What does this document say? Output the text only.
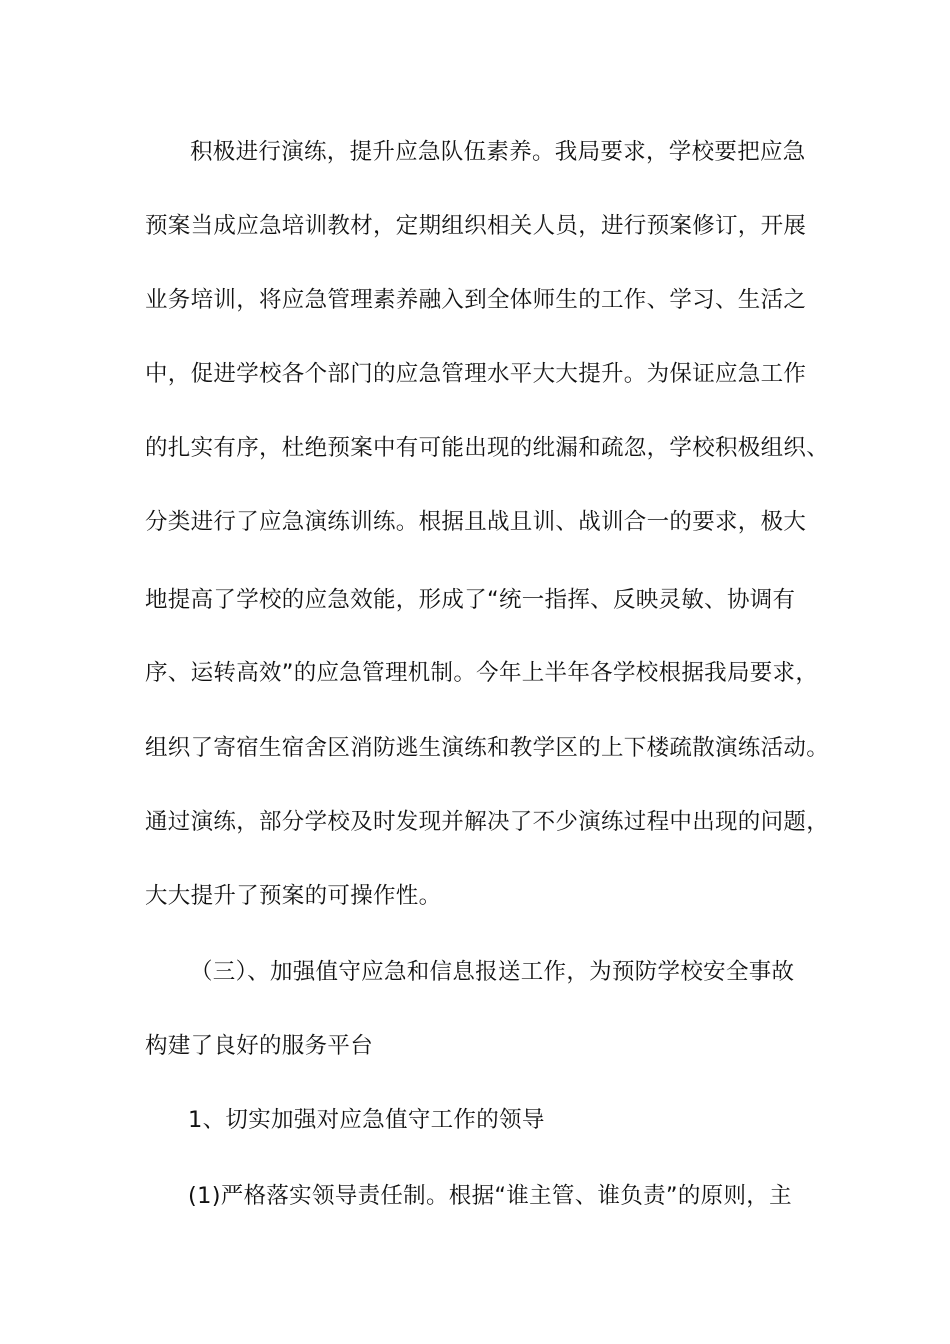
积极进行演练，提升应急队伍素养。我局要求，学校要把应急
预案当成应急培训教材，定期组织相关人员，进行预案修订，开展
业务培训，将应急管理素养融入到全体师生的工作、学习、生活之
中，促进学校各个部门的应急管理水平大大提升。为保证应急工作
的扎实有序，杜绝预案中有可能出现的纰漏和疏忽，学校积极组织、
分类进行了应急演练训练。根据且战且训、战训合一的要求，极大
地提高了学校的应急效能，形成了“统一指挥、反映灵敏、协调有
序、运转高效”的应急管理机制。今年上半年各学校根据我局要求，
组织了寄宿生宿舍区消防逃生演练和教学区的上下楼疏散演练活动。
通过演练，部分学校及时发现并解决了不少演练过程中出现的问题，
大大提升了预案的可操作性。
（三）、加强值守应急和信息报送工作，为预防学校安全事故
构建了良好的服务平台
1、切实加强对应急值守工作的领导
(1)严格落实领导责任制。根据“谁主管、谁负责”的原则，主
